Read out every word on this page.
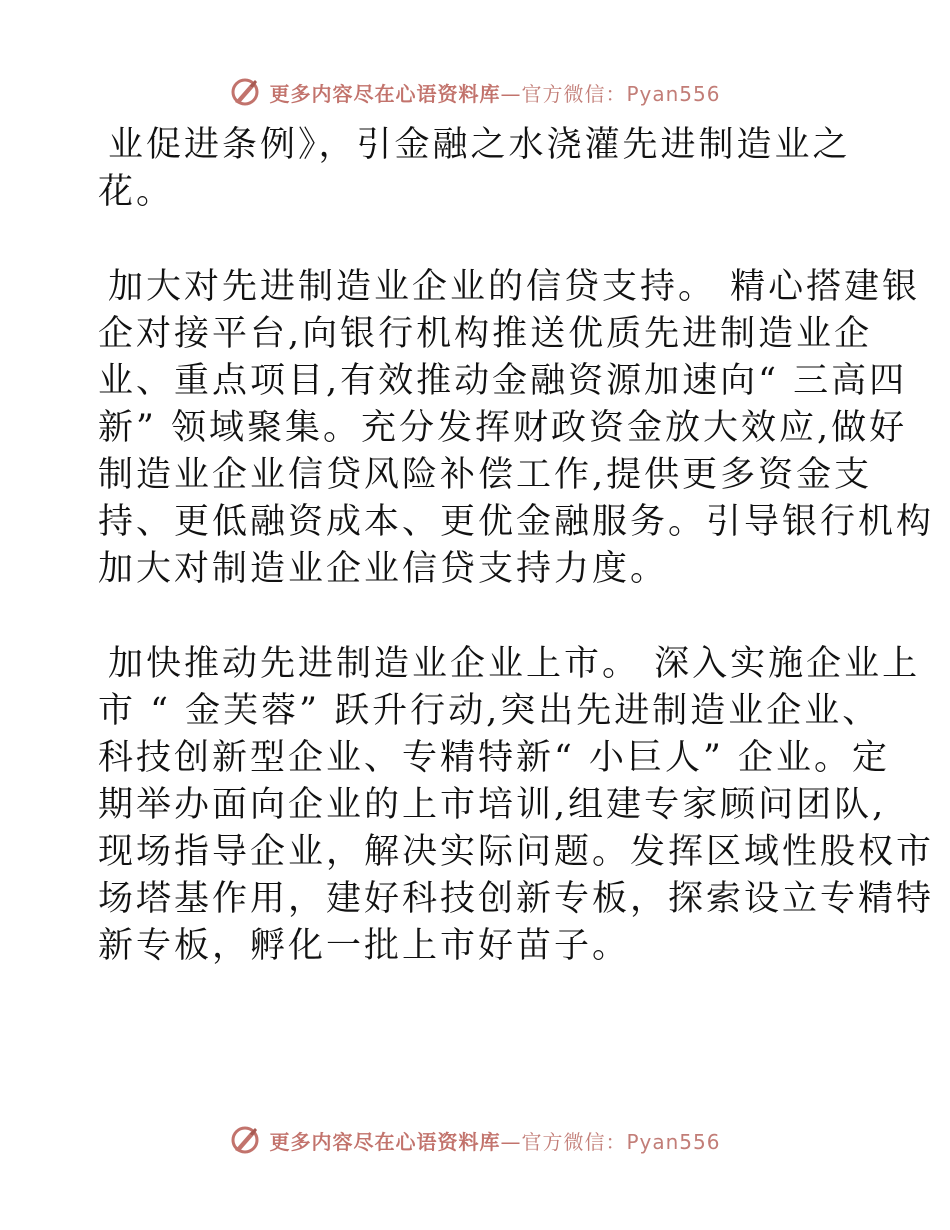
更多内容尽在心语资料库—官方微信：Pyan556
业促进条例》，引金融之水浇灌先进制造业之
花。
加大对先进制造业企业的信贷支持。 精心搭建银
企对接平台,向银行机构推送优质先进制造业企
业、重点项目,有效推动金融资源加速向“ 三高四
新” 领域聚集。充分发挥财政资金放大效应,做好
制造业企业信贷风险补偿工作,提供更多资金支
持、更低融资成本、更优金融服务。引导银行机构
加大对制造业企业信贷支持力度。
加快推动先进制造业企业上市。 深入实施企业上
市 “ 金芙蓉” 跃升行动,突出先进制造业企业、
科技创新型企业、专精特新“ 小巨人” 企业。定
期举办面向企业的上市培训,组建专家顾问团队,
现场指导企业，解决实际问题。发挥区域性股权市
场塔基作用，建好科技创新专板，探索设立专精特
新专板，孵化一批上市好苗子。
更多内容尽在心语资料库—官方微信：Pyan556
